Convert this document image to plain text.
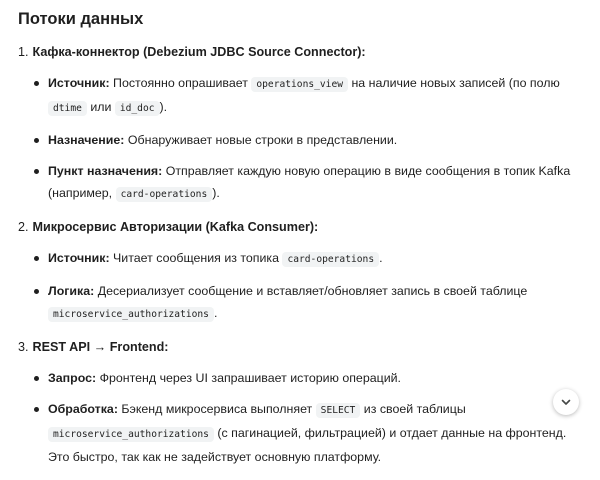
Потоки данных
1. Кафка-коннектор (Debezium JDBC Source Connector):
Источник: Постоянно опрашивает operations_view на наличие новых записей (по полю dtime или id_doc ).
Назначение: Обнаруживает новые строки в представлении.
Пункт назначения: Отправляет каждую новую операцию в виде сообщения в топик Kafka (например, card-operations ).
2. Микросервис Авторизации (Kafka Consumer):
Источник: Читает сообщения из топика card-operations .
Логика: Десериализует сообщение и вставляет/обновляет запись в своей таблице microservice_authorizations .
3. REST API → Frontend:
Запрос: Фронтенд через UI запрашивает историю операций.
Обработка: Бэкенд микросервиса выполняет SELECT из своей таблицы microservice_authorizations (с пагинацией, фильтрацией) и отдает данные на фронтенд. Это быстро, так как не задействует основную платформу.
